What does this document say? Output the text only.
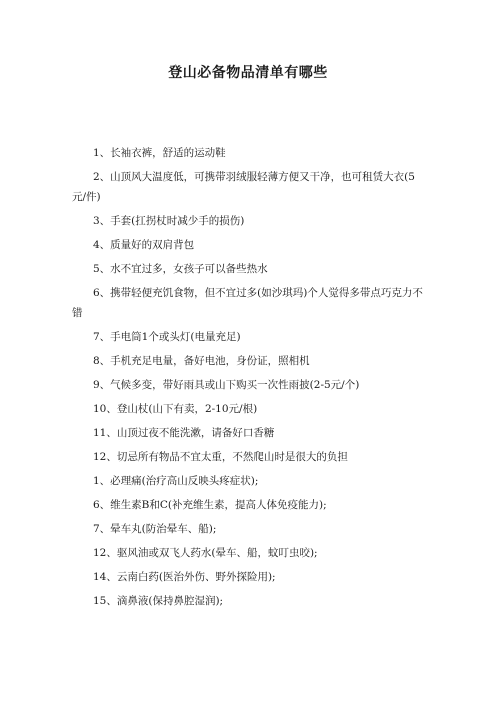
登山必备物品清单有哪些
1、长袖衣裤，舒适的运动鞋
2、山顶风大温度低，可携带羽绒服轻薄方便又干净，也可租赁大衣(5元/件)
3、手套(扛拐杖时减少手的损伤)
4、质量好的双肩背包
5、水不宜过多，女孩子可以备些热水
6、携带轻便充饥食物，但不宜过多(如沙琪玛)个人觉得多带点巧克力不错
7、手电筒1个或头灯(电量充足)
8、手机充足电量，备好电池，身份证，照相机
9、气候多变，带好雨具或山下购买一次性雨披(2-5元/个)
10、登山杖(山下有卖，2-10元/根)
11、山顶过夜不能洗漱，请备好口香糖
12、切忌所有物品不宜太重，不然爬山时是很大的负担
1、必理痛(治疗高山反映头疼症状);
6、维生素B和C(补充维生素，提高人体免疫能力);
7、晕车丸(防治晕车、船);
12、驱风油或双飞人药水(晕车、船，蚊叮虫咬);
14、云南白药(医治外伤、野外探险用);
15、滴鼻液(保持鼻腔湿润);
